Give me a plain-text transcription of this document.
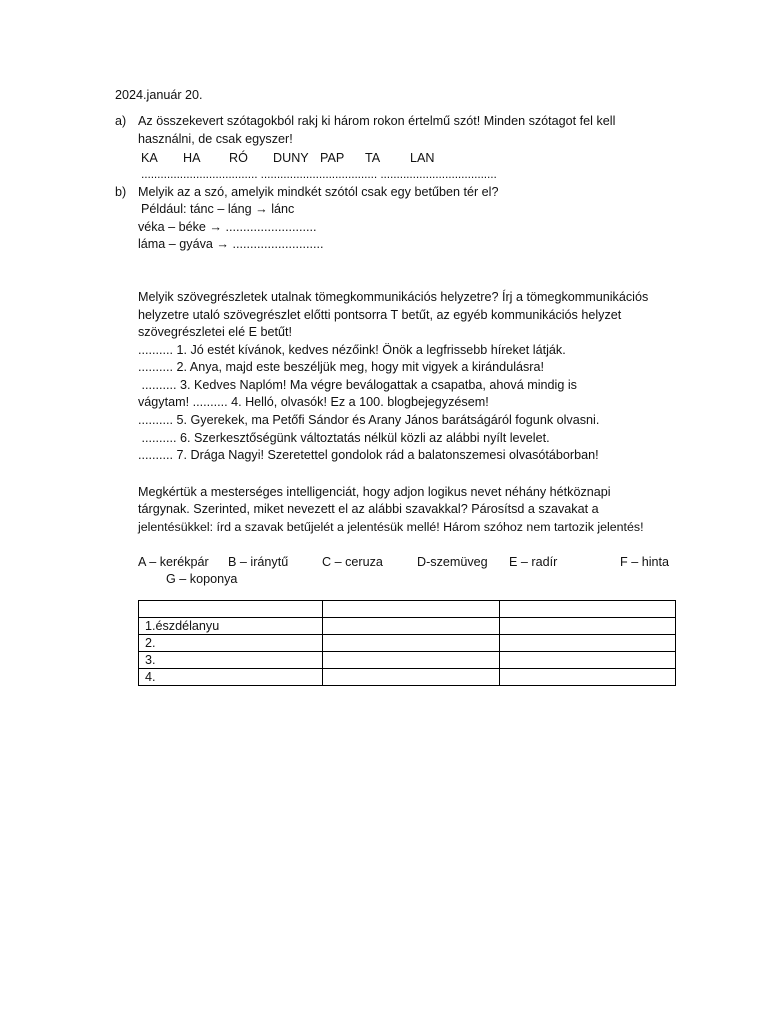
2024.január 20.
a) Az összekevert szótagokból rakj ki három rokon értelmű szót! Minden szótagot fel kell
használni, de csak egyszer!
KA HA RÓ DUNY PAP TA LAN
.................................... .................................... ....................................
b) Melyik az a szó, amelyik mindkét szótól csak egy betűben tér el?
Például: tánc – láng → lánc
véka – béke → ..........................
láma – gyáva → ..........................
Melyik szövegrészletek utalnak tömegkommunikációs helyzetre? Írj a tömegkommunikációs
helyzetre utaló szövegrészlet előtti pontsorra T betűt, az egyéb kommunikációs helyzet
szövegrészletei elé E betűt!
.......... 1. Jó estét kívánok, kedves nézőink! Önök a legfrissebb híreket látják.
.......... 2. Anya, majd este beszéljük meg, hogy mit vigyek a kirándulásra!
.......... 3. Kedves Naplóm! Ma végre beválogattak a csapatba, ahová mindig is
vágytam! .......... 4. Helló, olvasók! Ez a 100. blogbejegyzésem!
.......... 5. Gyerekek, ma Petőfi Sándor és Arany János barátságáról fogunk olvasni.
.......... 6. Szerkesztőségünk változtatás nélkül közli az alábbi nyílt levelet.
.......... 7. Drága Nagyi! Szeretettel gondolok rád a balatonszemesi olvasótáborban!
Megkértük a mesterséges intelligenciát, hogy adjon logikus nevet néhány hétköznapi
tárgynak. Szerinted, miket nevezett el az alábbi szavakkal? Párosítsd a szavakat a
jelentésükkel: írd a szavak betűjelét a jelentésük mellé! Három szóhoz nem tartozik jelentés!
A – kerékpár B – iránytű	C – ceruza	D-szemüveg E – radír	F – hinta
G – koponya

1.észdélanyu		
2.		
3.		
4.		
